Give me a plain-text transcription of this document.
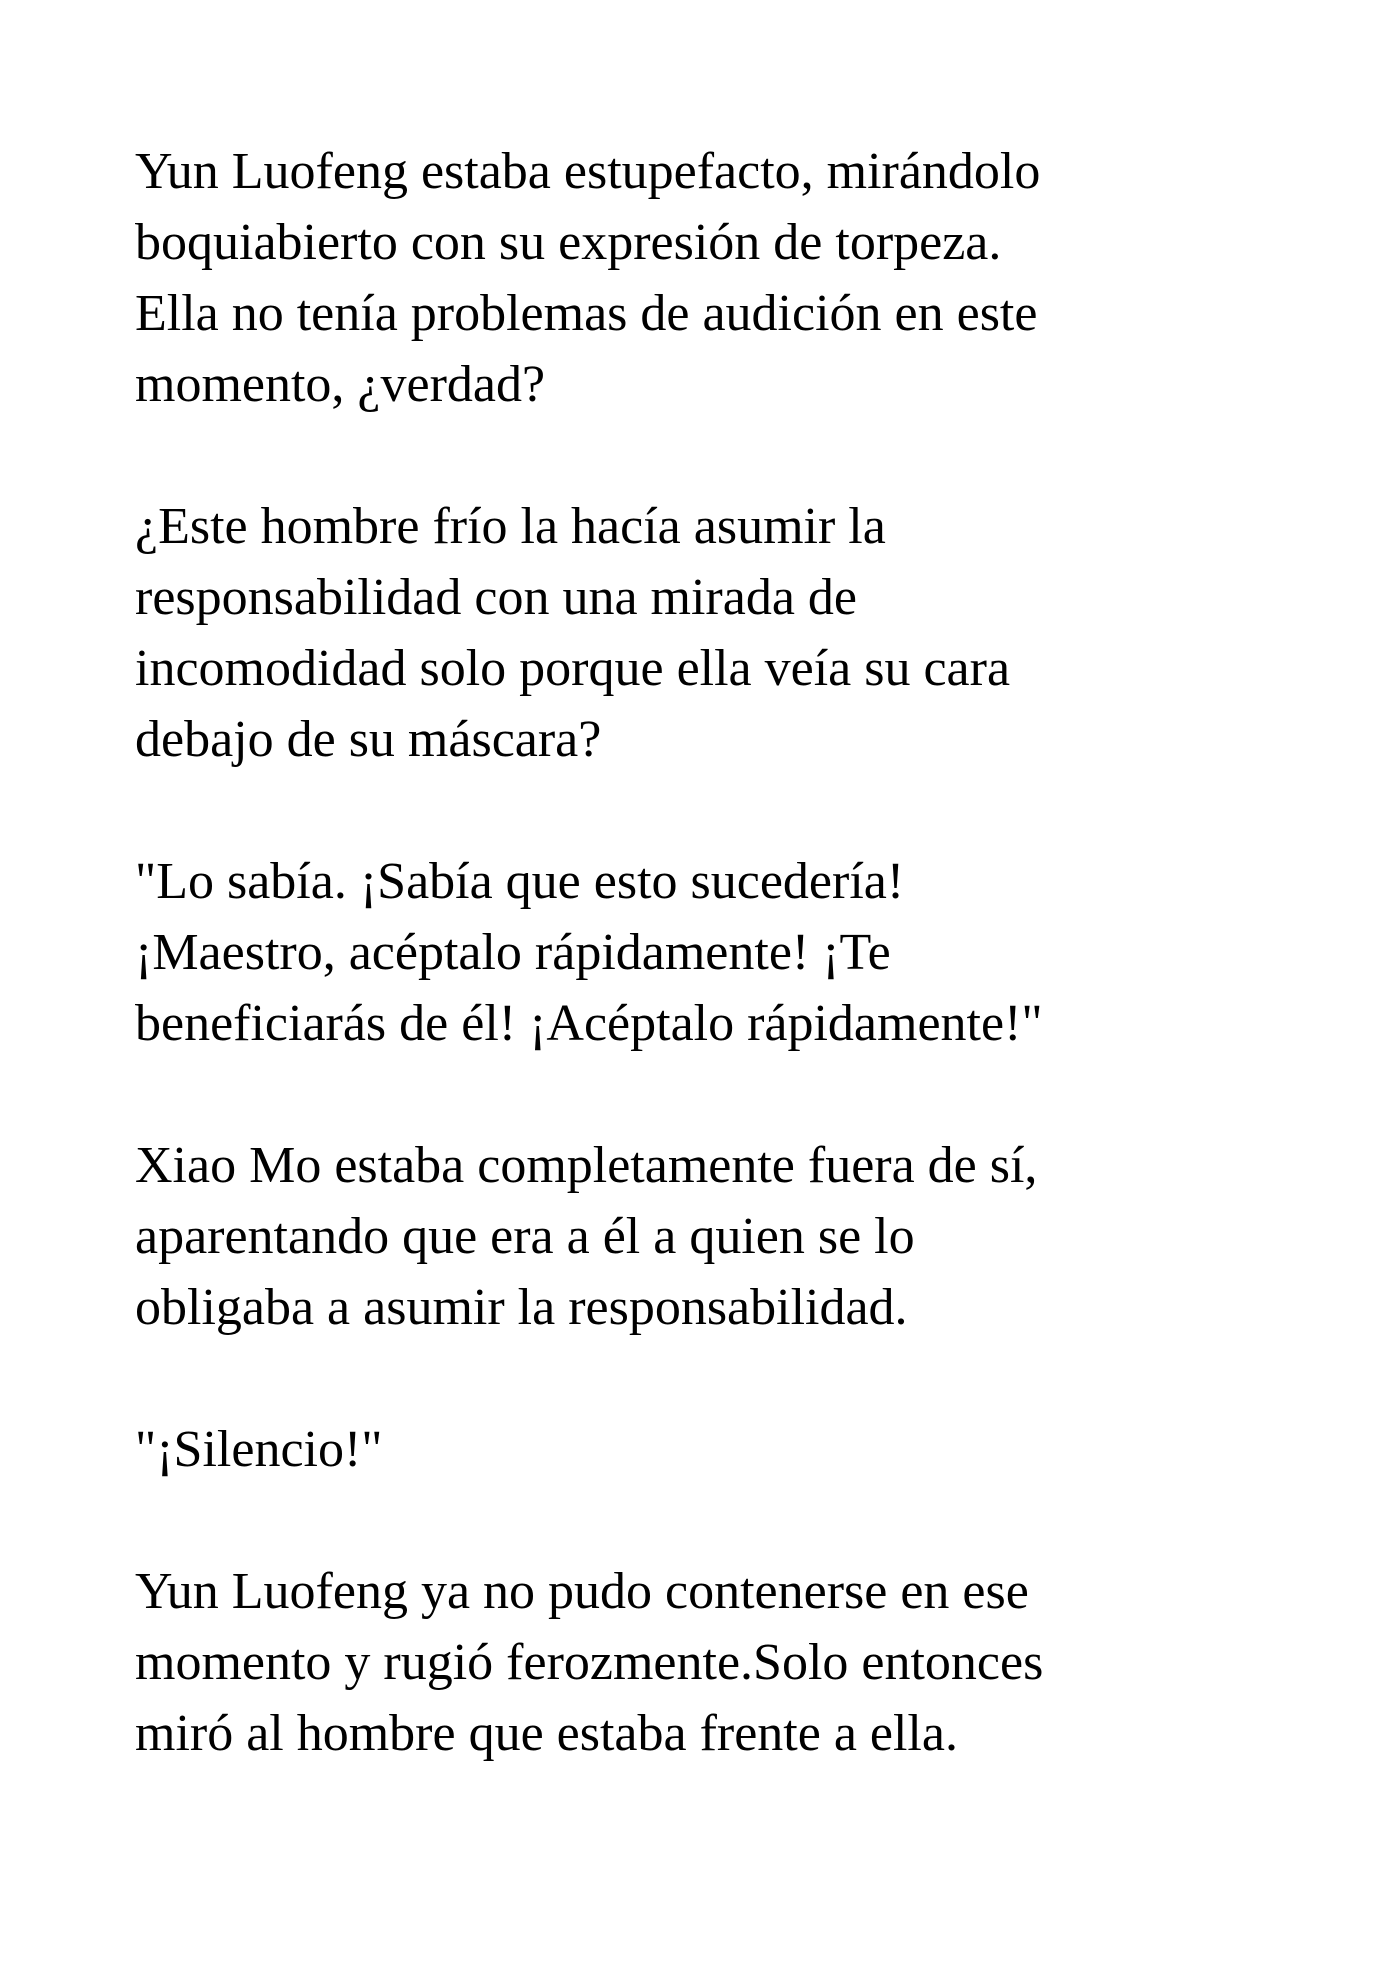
Yun Luofeng estaba estupefacto, mirándolo
boquiabierto con su expresión de torpeza.
Ella no tenía problemas de audición en este
momento, ¿verdad?

¿Este hombre frío la hacía asumir la
responsabilidad con una mirada de
incomodidad solo porque ella veía su cara
debajo de su máscara?

"Lo sabía. ¡Sabía que esto sucedería!
¡Maestro, acéptalo rápidamente! ¡Te
beneficiarás de él! ¡Acéptalo rápidamente!"

Xiao Mo estaba completamente fuera de sí,
aparentando que era a él a quien se lo
obligaba a asumir la responsabilidad.

"¡Silencio!"

Yun Luofeng ya no pudo contenerse en ese
momento y rugió ferozmente.Solo entonces
miró al hombre que estaba frente a ella.
